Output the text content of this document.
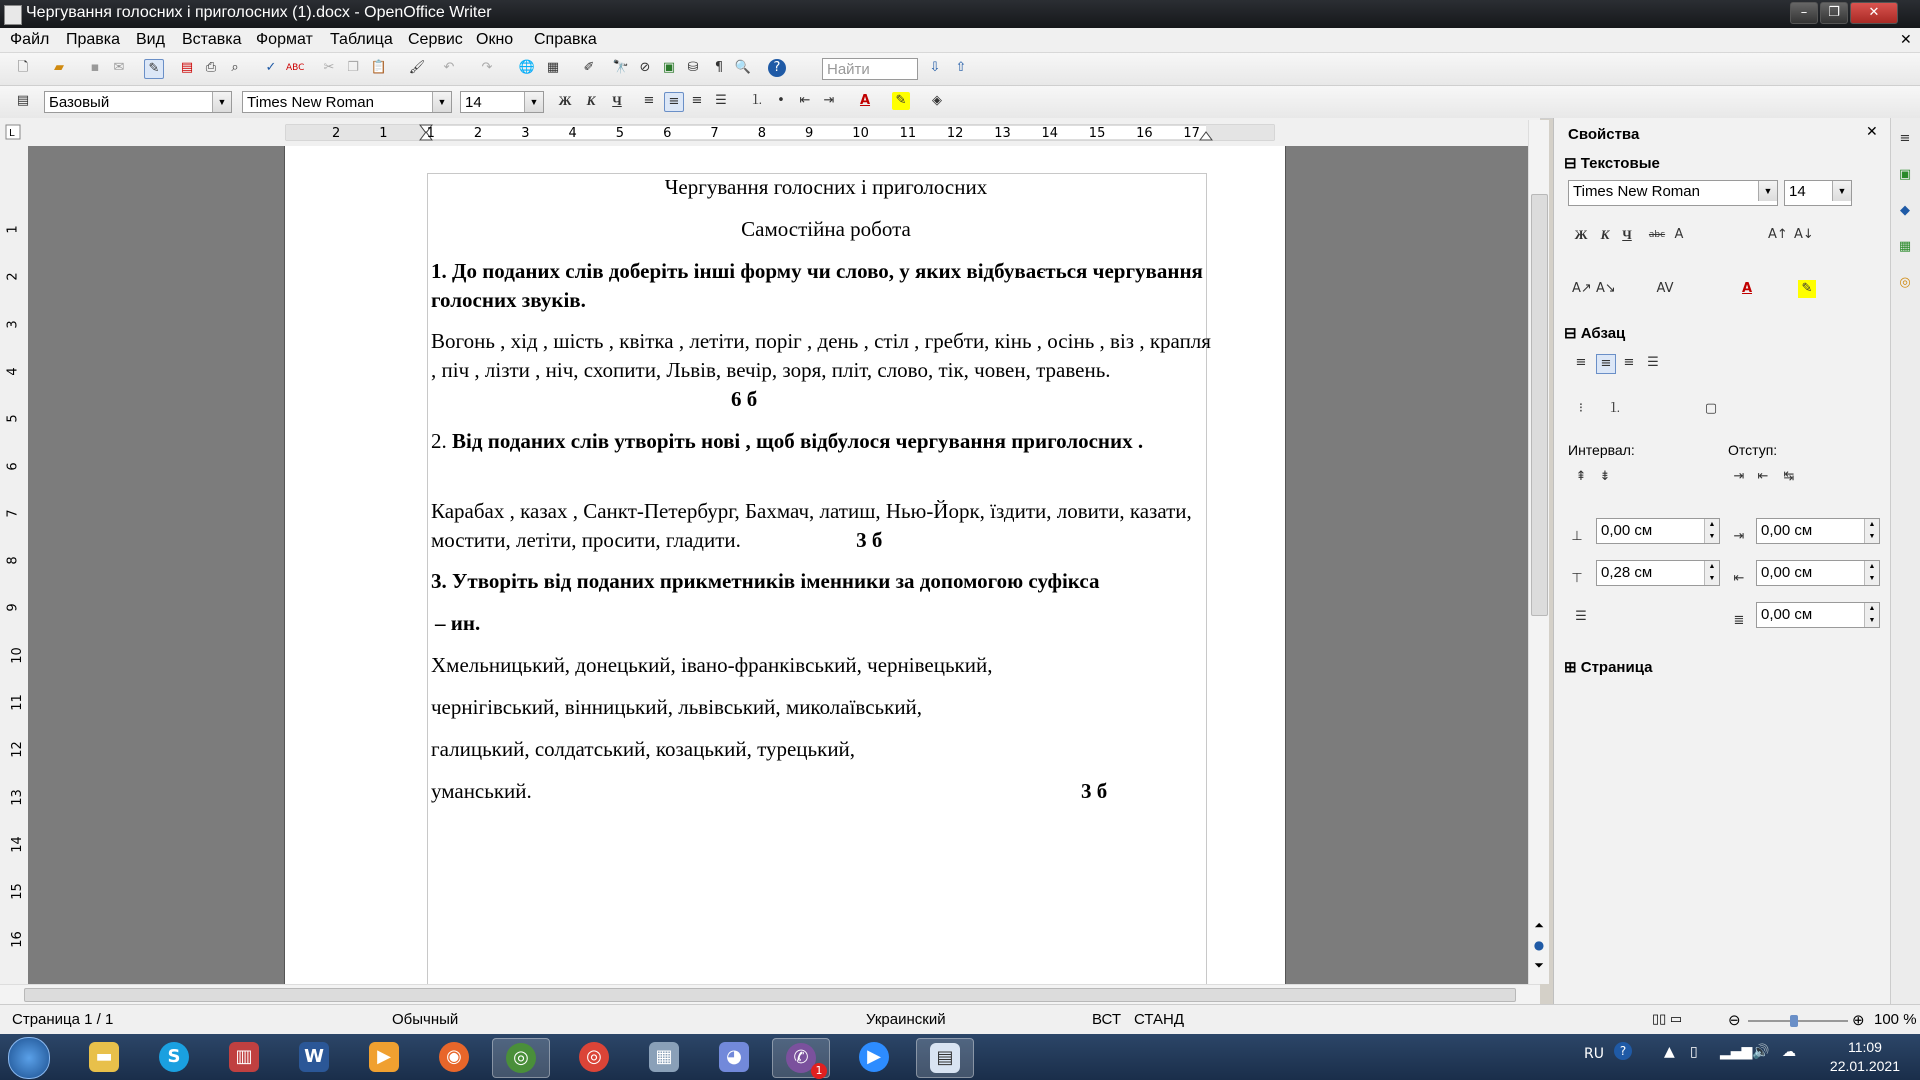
Чергування голосних і приголосних (1).docx - OpenOffice Writer	–	❐	✕
Файл Правка Вид Вставка Формат Таблица Сервис Окно Справка	✕
🗋	▰	▪	✉	✎	▤ ⎙	⌕	✓	ABC ✂ ❐ 📋 🖌 ↶ ↷ 🌐 ▦ ✐ 🔭 ⊘ ▣ ⛁	¶ 🔍	?	Найти	⇩ ⇧
▤	Базовый	▼	Times New Roman	▼	14	▼	Ж	К	Ч	≡	≡ ≡ ☰ ⒈	•	⇤ ⇥	A	✎	◈
L	2	1	1	2	3	4	5	6	7	8	9	10 11 12 13 14 15 16 17
1
2
3
4
5
6
7
8
9
10
11
12
13
14
15
16
Чергування голосних і приголосних
Самостійна робота
1. До поданих слів доберіть інші форму чи слово, у яких відбувається чергування голосних звуків.
Вогонь , хід , шість , квітка , летіти, поріг , день , стіл , гребти, кінь , осінь , віз , крапля , піч , лізти , ніч, схопити, Львів, вечір, зоря, пліт, слово, тік, човен, травень. 6 б
2. Від поданих слів утворіть нові , щоб відбулося чергування приголосних .
Карабах , казах , Санкт-Петербург, Бахмач, латиш, Нью-Йорк, їздити, ловити, казати, мостити, летіти, просити, гладити.	3 б
3. Утворіть від поданих прикметників іменники за допомогою суфікса
– ин.
Хмельницький, донецький, івано-франківський, чернівецький,
чернігівський, вінницький, львівський, миколаївський,
галицький, солдатський, козацький, турецький,
уманський.	3 б
⏶
●
⏷
Свойства	✕
⊟ Текстовые
Times New Roman	▼	14	▼
Ж	К Ч	abc A	A↑ A↓
A↗ A↘	AV	A	✎
⊟ Абзац
≡	≡ ≡ ☰
⁝	⒈	▢
Интервал:	Отступ:
⇞ ⇟	⇥ ⇤ ↹
⊥	0,00 см	▲
▼ ⇥	0,00 см	▲
▼
⊤	0,28 см	▲
▼ ⇤	0,00 см	▲
▼
☰	≣	0,00 см	▲
▼
⊞ Страница
≡
▣
◆
▦
◎
Страница 1 / 1	Обычный	Украинский	ВСТ СТАНД	▯▯ ▭	⊖	⊕ 100 %
▬	S	▥	W	▶	◉	◎	◎	▦	◕	✆
1
▶	▤	RU	?	▲ ▯ ▂▄▆ 🔊 ☁	11:09
22.01.2021
